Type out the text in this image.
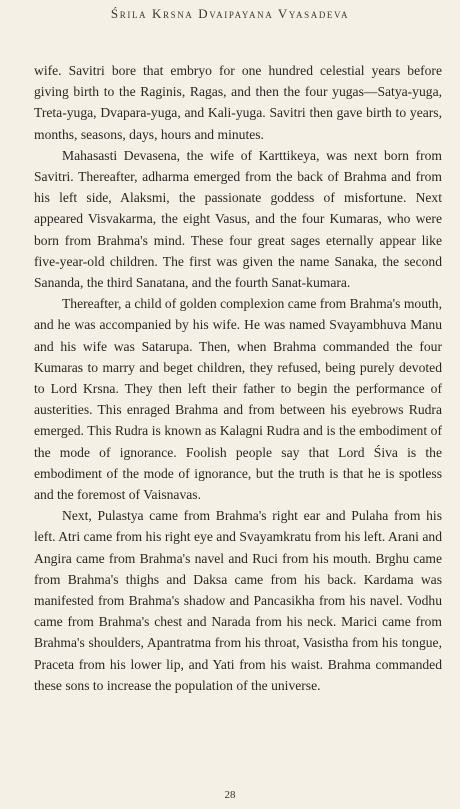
Śrila Krsna Dvaipayana Vyasadeva

wife. Savitri bore that embryo for one hundred celestial years before giving birth to the Raginis, Ragas, and then the four yugas—Satya-yuga, Treta-yuga, Dvapara-yuga, and Kali-yuga. Savitri then gave birth to years, months, seasons, days, hours and minutes.

Mahasasti Devasena, the wife of Karttikeya, was next born from Savitri. Thereafter, adharma emerged from the back of Brahma and from his left side, Alaksmi, the passionate goddess of misfortune. Next appeared Visvakarma, the eight Vasus, and the four Kumaras, who were born from Brahma's mind. These four great sages eternally appear like five-year-old children. The first was given the name Sanaka, the second Sananda, the third Sanatana, and the fourth Sanat-kumara.

Thereafter, a child of golden complexion came from Brahma's mouth, and he was accompanied by his wife. He was named Svayambhuva Manu and his wife was Satarupa. Then, when Brahma commanded the four Kumaras to marry and beget children, they refused, being purely devoted to Lord Krsna. They then left their father to begin the performance of austerities. This enraged Brahma and from between his eyebrows Rudra emerged. This Rudra is known as Kalagni Rudra and is the embodiment of the mode of ignorance. Foolish people say that Lord Śiva is the embodiment of the mode of ignorance, but the truth is that he is spotless and the foremost of Vaisnavas.

Next, Pulastya came from Brahma's right ear and Pulaha from his left. Atri came from his right eye and Svayamkratu from his left. Arani and Angira came from Brahma's navel and Ruci from his mouth. Brghu came from Brahma's thighs and Daksa came from his back. Kardama was manifested from Brahma's shadow and Pancasikha from his navel. Vodhu came from Brahma's chest and Narada from his neck. Marici came from Brahma's shoulders, Apantratma from his throat, Vasistha from his tongue, Praceta from his lower lip, and Yati from his waist. Brahma commanded these sons to increase the population of the universe.

28
